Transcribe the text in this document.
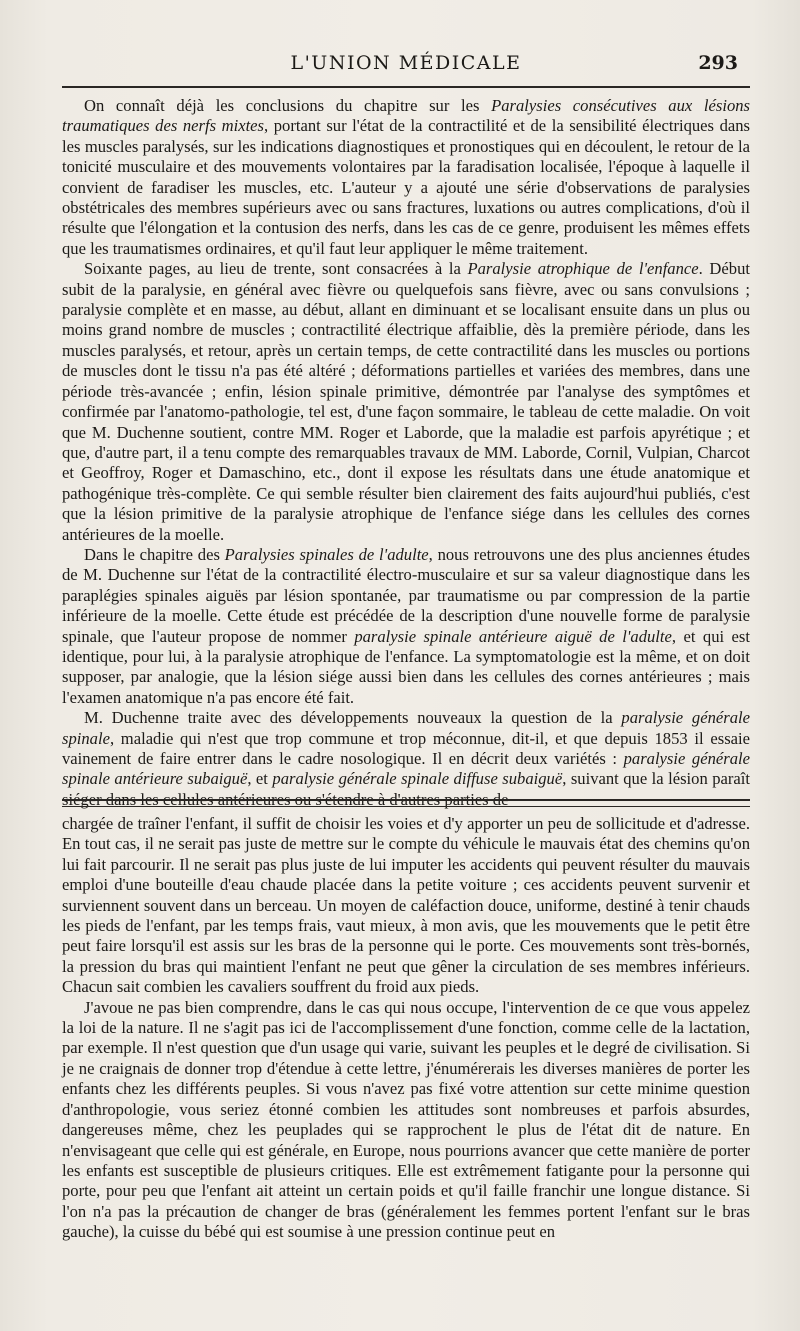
L'UNION MÉDICALE	293

On connaît déjà les conclusions du chapitre sur les Paralysies consécutives aux lésions traumatiques des nerfs mixtes, portant sur l'état de la contractilité et de la sensibilité électriques dans les muscles paralysés, sur les indications diagnostiques et pronostiques qui en découlent, le retour de la tonicité musculaire et des mouvements volontaires par la faradisation localisée, l'époque à laquelle il convient de faradiser les muscles, etc. L'auteur y a ajouté une série d'observations de paralysies obstétricales des membres supérieurs avec ou sans fractures, luxations ou autres complications, d'où il résulte que l'élongation et la contusion des nerfs, dans les cas de ce genre, produisent les mêmes effets que les traumatismes ordinaires, et qu'il faut leur appliquer le même traitement.

Soixante pages, au lieu de trente, sont consacrées à la Paralysie atrophique de l'enfance. Début subit de la paralysie, en général avec fièvre ou quelquefois sans fièvre, avec ou sans convulsions ; paralysie complète et en masse, au début, allant en diminuant et se localisant ensuite dans un plus ou moins grand nombre de muscles ; contractilité électrique affaiblie, dès la première période, dans les muscles paralysés, et retour, après un certain temps, de cette contractilité dans les muscles ou portions de muscles dont le tissu n'a pas été altéré ; déformations partielles et variées des membres, dans une période très-avancée ; enfin, lésion spinale primitive, démontrée par l'analyse des symptômes et confirmée par l'anatomo-pathologie, tel est, d'une façon sommaire, le tableau de cette maladie. On voit que M. Duchenne soutient, contre MM. Roger et Laborde, que la maladie est parfois apyrétique ; et que, d'autre part, il a tenu compte des remarquables travaux de MM. Laborde, Cornil, Vulpian, Charcot et Geoffroy, Roger et Damaschino, etc., dont il expose les résultats dans une étude anatomique et pathogénique très-complète. Ce qui semble résulter bien clairement des faits aujourd'hui publiés, c'est que la lésion primitive de la paralysie atrophique de l'enfance siége dans les cellules des cornes antérieures de la moelle.

Dans le chapitre des Paralysies spinales de l'adulte, nous retrouvons une des plus anciennes études de M. Duchenne sur l'état de la contractilité électro-musculaire et sur sa valeur diagnostique dans les paraplégies spinales aiguës par lésion spontanée, par traumatisme ou par compression de la partie inférieure de la moelle. Cette étude est précédée de la description d'une nouvelle forme de paralysie spinale, que l'auteur propose de nommer paralysie spinale antérieure aiguë de l'adulte, et qui est identique, pour lui, à la paralysie atrophique de l'enfance. La symptomatologie est la même, et on doit supposer, par analogie, que la lésion siége aussi bien dans les cellules des cornes antérieures ; mais l'examen anatomique n'a pas encore été fait.

M. Duchenne traite avec des développements nouveaux la question de la paralysie générale spinale, maladie qui n'est que trop commune et trop méconnue, dit-il, et que depuis 1853 il essaie vainement de faire entrer dans le cadre nosologique. Il en décrit deux variétés : paralysie générale spinale antérieure subaiguë, et paralysie générale spinale diffuse subaiguë, suivant que la lésion paraît siéger dans les cellules antérieures ou s'étendre à d'autres parties de

chargée de traîner l'enfant, il suffit de choisir les voies et d'y apporter un peu de sollicitude et d'adresse. En tout cas, il ne serait pas juste de mettre sur le compte du véhicule le mauvais état des chemins qu'on lui fait parcourir. Il ne serait pas plus juste de lui imputer les accidents qui peuvent résulter du mauvais emploi d'une bouteille d'eau chaude placée dans la petite voiture ; ces accidents peuvent survenir et surviennent souvent dans un berceau. Un moyen de caléfaction douce, uniforme, destiné à tenir chauds les pieds de l'enfant, par les temps frais, vaut mieux, à mon avis, que les mouvements que le petit être peut faire lorsqu'il est assis sur les bras de la personne qui le porte. Ces mouvements sont très-bornés, la pression du bras qui maintient l'enfant ne peut que gêner la circulation de ses membres inférieurs. Chacun sait combien les cavaliers souffrent du froid aux pieds.

J'avoue ne pas bien comprendre, dans le cas qui nous occupe, l'intervention de ce que vous appelez la loi de la nature. Il ne s'agit pas ici de l'accomplissement d'une fonction, comme celle de la lactation, par exemple. Il n'est question que d'un usage qui varie, suivant les peuples et le degré de civilisation. Si je ne craignais de donner trop d'étendue à cette lettre, j'énumérerais les diverses manières de porter les enfants chez les différents peuples. Si vous n'avez pas fixé votre attention sur cette minime question d'anthropologie, vous seriez étonné combien les attitudes sont nombreuses et parfois absurdes, dangereuses même, chez les peuplades qui se rapprochent le plus de l'état dit de nature. En n'envisageant que celle qui est générale, en Europe, nous pourrions avancer que cette manière de porter les enfants est susceptible de plusieurs critiques. Elle est extrêmement fatigante pour la personne qui porte, pour peu que l'enfant ait atteint un certain poids et qu'il faille franchir une longue distance. Si l'on n'a pas la précaution de changer de bras (généralement les femmes portent l'enfant sur le bras gauche), la cuisse du bébé qui est soumise à une pression continue peut en
